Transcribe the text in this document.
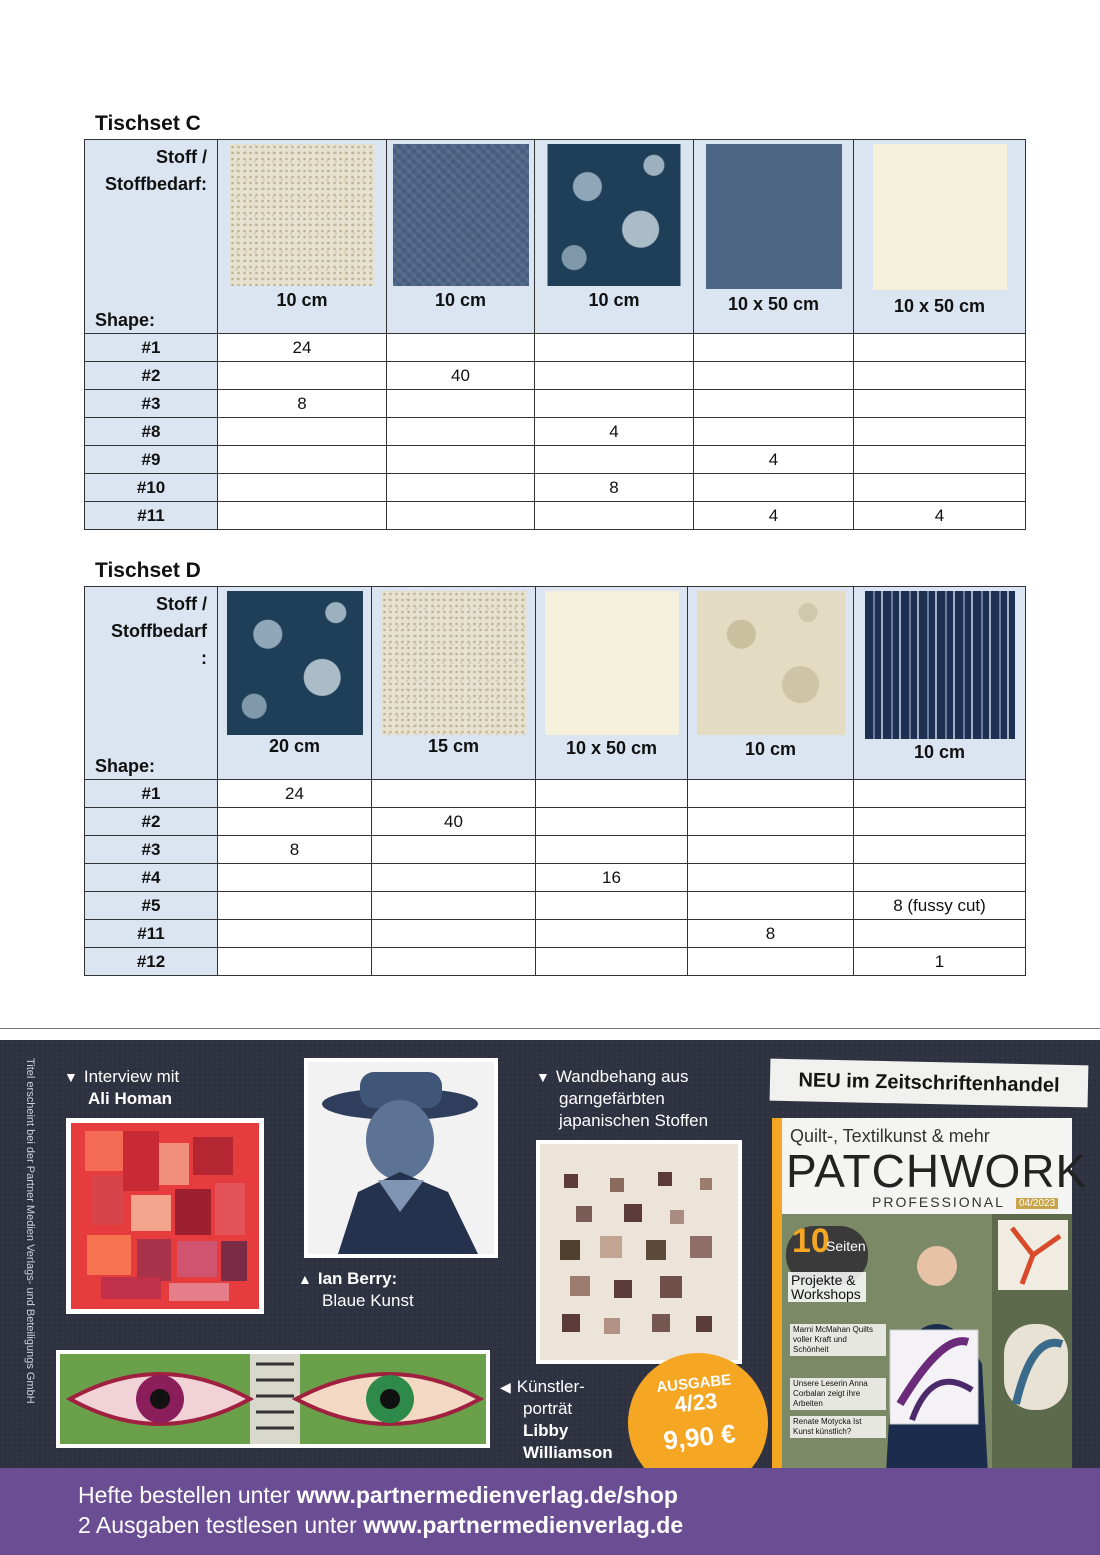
Tischset C
Stoff /
Stoffbedarf:
Shape:	10 cm	10 cm	10 cm	10 x 50 cm	10 x 50 cm

#1	24				
#2		40			
#3	8				
#8			4		
#9				4	
#10			8		
#11				4	4
Tischset D
Stoff /
Stoffbedarf
:
Shape:	20 cm	15 cm	10 x 50 cm	10 cm	10 cm

#1	24				
#2		40			
#3	8				
#4			16		
#5					8 (fussy cut)
#11				8	
#12					1
Titel erscheint bei der Partner Medien Verlags- und Beteiligungs GmbH ▼ Interview mit
Ali Homan
▲ Ian Berry:
Blaue Kunst
▼ Wandbehang aus
garngefärbten
japanischen Stoffen
◀ Künstler-
porträt
Libby
Williamson
NEU im Zeitschriftenhandel
Quilt-, Textilkunst & mehr
PATCHWORK
PROFESSIONAL	04/2023
10
Seiten
Projekte & Workshops
Marni McMahan Quilts voller Kraft und Schönheit
Unsere Leserin Anna Corbalan zeigt ihre Arbeiten
Renate Motycka Ist Kunst künstlich?
AUSGABE
4/23
9,90 €
Hefte bestellen unter www.partnermedienverlag.de/shop
2 Ausgaben testlesen unter www.partnermedienverlag.de
